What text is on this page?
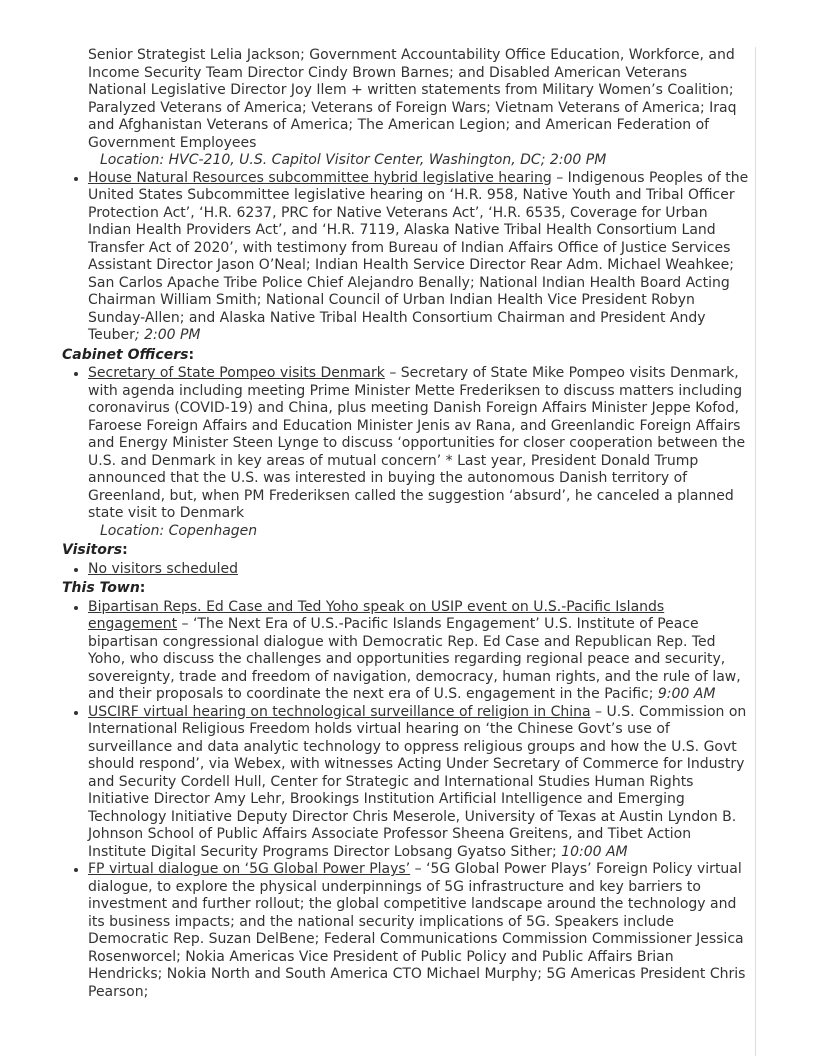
Senior Strategist Lelia Jackson; Government Accountability Office Education, Workforce, and Income Security Team Director Cindy Brown Barnes; and Disabled American Veterans National Legislative Director Joy Ilem + written statements from Military Women’s Coalition; Paralyzed Veterans of America; Veterans of Foreign Wars; Vietnam Veterans of America; Iraq and Afghanistan Veterans of America; The American Legion; and American Federation of Government Employees

Location: HVC-210, U.S. Capitol Visitor Center, Washington, DC; 2:00 PM

• House Natural Resources subcommittee hybrid legislative hearing – Indigenous Peoples of the United States Subcommittee legislative hearing on ‘H.R. 958, Native Youth and Tribal Officer Protection Act’, ‘H.R. 6237, PRC for Native Veterans Act’, ‘H.R. 6535, Coverage for Urban Indian Health Providers Act’, and ‘H.R. 7119, Alaska Native Tribal Health Consortium Land Transfer Act of 2020’, with testimony from Bureau of Indian Affairs Office of Justice Services Assistant Director Jason O’Neal; Indian Health Service Director Rear Adm. Michael Weahkee; San Carlos Apache Tribe Police Chief Alejandro Benally; National Indian Health Board Acting Chairman William Smith; National Council of Urban Indian Health Vice President Robyn Sunday-Allen; and Alaska Native Tribal Health Consortium Chairman and President Andy Teuber; 2:00 PM
Cabinet Officers:
• Secretary of State Pompeo visits Denmark – Secretary of State Mike Pompeo visits Denmark, with agenda including meeting Prime Minister Mette Frederiksen to discuss matters including coronavirus (COVID-19) and China, plus meeting Danish Foreign Affairs Minister Jeppe Kofod, Faroese Foreign Affairs and Education Minister Jenis av Rana, and Greenlandic Foreign Affairs and Energy Minister Steen Lynge to discuss ‘opportunities for closer cooperation between the U.S. and Denmark in key areas of mutual concern’ * Last year, President Donald Trump announced that the U.S. was interested in buying the autonomous Danish territory of Greenland, but, when PM Frederiksen called the suggestion ‘absurd’, he canceled a planned state visit to Denmark

Location: Copenhagen

Visitors:
• No visitors scheduled
This Town:
• Bipartisan Reps. Ed Case and Ted Yoho speak on USIP event on U.S.-Pacific Islands engagement – ‘The Next Era of U.S.-Pacific Islands Engagement’ U.S. Institute of Peace bipartisan congressional dialogue with Democratic Rep. Ed Case and Republican Rep. Ted Yoho, who discuss the challenges and opportunities regarding regional peace and security, sovereignty, trade and freedom of navigation, democracy, human rights, and the rule of law, and their proposals to coordinate the next era of U.S. engagement in the Pacific; 9:00 AM
• USCIRF virtual hearing on technological surveillance of religion in China – U.S. Commission on International Religious Freedom holds virtual hearing on ‘the Chinese Govt’s use of surveillance and data analytic technology to oppress religious groups and how the U.S. Govt should respond’, via Webex, with witnesses Acting Under Secretary of Commerce for Industry and Security Cordell Hull, Center for Strategic and International Studies Human Rights Initiative Director Amy Lehr, Brookings Institution Artificial Intelligence and Emerging Technology Initiative Deputy Director Chris Meserole, University of Texas at Austin Lyndon B. Johnson School of Public Affairs Associate Professor Sheena Greitens, and Tibet Action Institute Digital Security Programs Director Lobsang Gyatso Sither; 10:00 AM
• FP virtual dialogue on ‘5G Global Power Plays’ – ‘5G Global Power Plays’ Foreign Policy virtual dialogue, to explore the physical underpinnings of 5G infrastructure and key barriers to investment and further rollout; the global competitive landscape around the technology and its business impacts; and the national security implications of 5G. Speakers include Democratic Rep. Suzan DelBene; Federal Communications Commission Commissioner Jessica Rosenworcel; Nokia Americas Vice President of Public Policy and Public Affairs Brian Hendricks; Nokia North and South America CTO Michael Murphy; 5G Americas President Chris Pearson;
